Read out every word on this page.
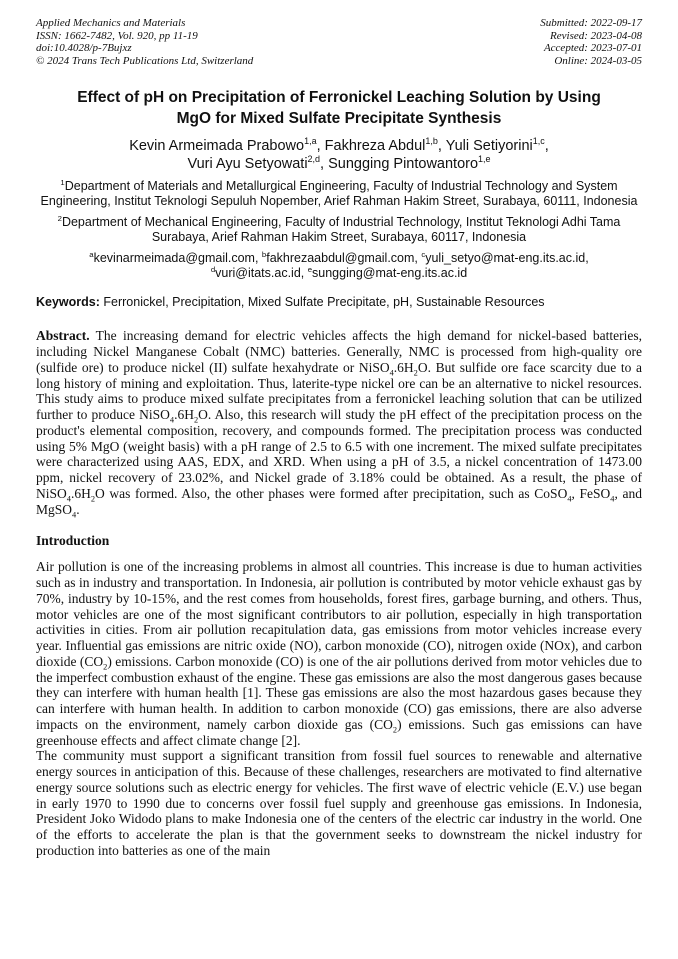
Applied Mechanics and Materials
ISSN: 1662-7482, Vol. 920, pp 11-19
doi:10.4028/p-7Bujxz
© 2024 Trans Tech Publications Ltd, Switzerland
Submitted: 2022-09-17
Revised: 2023-04-08
Accepted: 2023-07-01
Online: 2024-03-05
Effect of pH on Precipitation of Ferronickel Leaching Solution by Using
MgO for Mixed Sulfate Precipitate Synthesis
Kevin Armeimada Prabowo$^{1,a}$, Fakhreza Abdul$^{1,b}$, Yuli Setiyorini$^{1,c}$,
Vuri Ayu Setyowati$^{2,d}$, Sungging Pintowantoro$^{1,e}$
$^1$Department of Materials and Metallurgical Engineering, Faculty of Industrial Technology and System Engineering, Institut Teknologi Sepuluh Nopember, Arief Rahman Hakim Street, Surabaya, 60111, Indonesia
$^2$Department of Mechanical Engineering, Faculty of Industrial Technology, Institut Teknologi Adhi Tama Surabaya, Arief Rahman Hakim Street, Surabaya, 60117, Indonesia
$^a$kevinarmeimada@gmail.com, $^b$fakhrezaabdul@gmail.com, $^c$yuli_setyo@mat-eng.its.ac.id,
$^d$vuri@itats.ac.id, $^e$sungging@mat-eng.its.ac.id
Keywords: Ferronickel, Precipitation, Mixed Sulfate Precipitate, pH, Sustainable Resources

Abstract. The increasing demand for electric vehicles affects the high demand for nickel-based batteries, including Nickel Manganese Cobalt (NMC) batteries. Generally, NMC is processed from high-quality ore (sulfide ore) to produce nickel (II) sulfate hexahydrate or $NiSO_4.6H_2O$. But sulfide ore face scarcity due to a long history of mining and exploitation. Thus, laterite-type nickel ore can be an alternative to nickel resources. This study aims to produce mixed sulfate precipitates from a ferronickel leaching solution that can be utilized further to produce $NiSO_4.6H_2O$. Also, this research will study the pH effect of the precipitation process on the product's elemental composition, recovery, and compounds formed. The precipitation process was conducted using 5% MgO (weight basis) with a pH range of 2.5 to 6.5 with one increment. The mixed sulfate precipitates were characterized using AAS, EDX, and XRD. When using a pH of 3.5, a nickel concentration of 1473.00 ppm, nickel recovery of 23.02%, and Nickel grade of 3.18% could be obtained. As a result, the phase of $NiSO_4.6H_2O$ was formed. Also, the other phases were formed after precipitation, such as CoSO$_4$, FeSO$_4$, and MgSO$_4$.

Introduction

Air pollution is one of the increasing problems in almost all countries. This increase is due to human activities such as in industry and transportation. In Indonesia, air pollution is contributed by motor vehicle exhaust gas by 70%, industry by 10-15%, and the rest comes from households, forest fires, garbage burning, and others. Thus, motor vehicles are one of the most significant contributors to air pollution, especially in high transportation activities in cities. From air pollution recapitulation data, gas emissions from motor vehicles increase every year. Influential gas emissions are nitric oxide (NO), carbon monoxide (CO), nitrogen oxide (NOx), and carbon dioxide $(CO_2)$ emissions. Carbon monoxide (CO) is one of the air pollutions derived from motor vehicles due to the imperfect combustion exhaust of the engine. These gas emissions are also the most dangerous gases because they can interfere with human health [1]. These gas emissions are also the most hazardous gases because they can interfere with human health. In addition to carbon monoxide (CO) gas emissions, there are also adverse impacts on the environment, namely carbon dioxide gas $(CO_2)$ emissions. Such gas emissions can have greenhouse effects and affect climate change [2].

The community must support a significant transition from fossil fuel sources to renewable and alternative energy sources in anticipation of this. Because of these challenges, researchers are motivated to find alternative energy source solutions such as electric energy for vehicles. The first wave of electric vehicle (E.V.) use began in early 1970 to 1990 due to concerns over fossil fuel supply and greenhouse gas emissions. In Indonesia, President Joko Widodo plans to make Indonesia one of the centers of the electric car industry in the world. One of the efforts to accelerate the plan is that the government seeks to downstream the nickel industry for production into batteries as one of the main
